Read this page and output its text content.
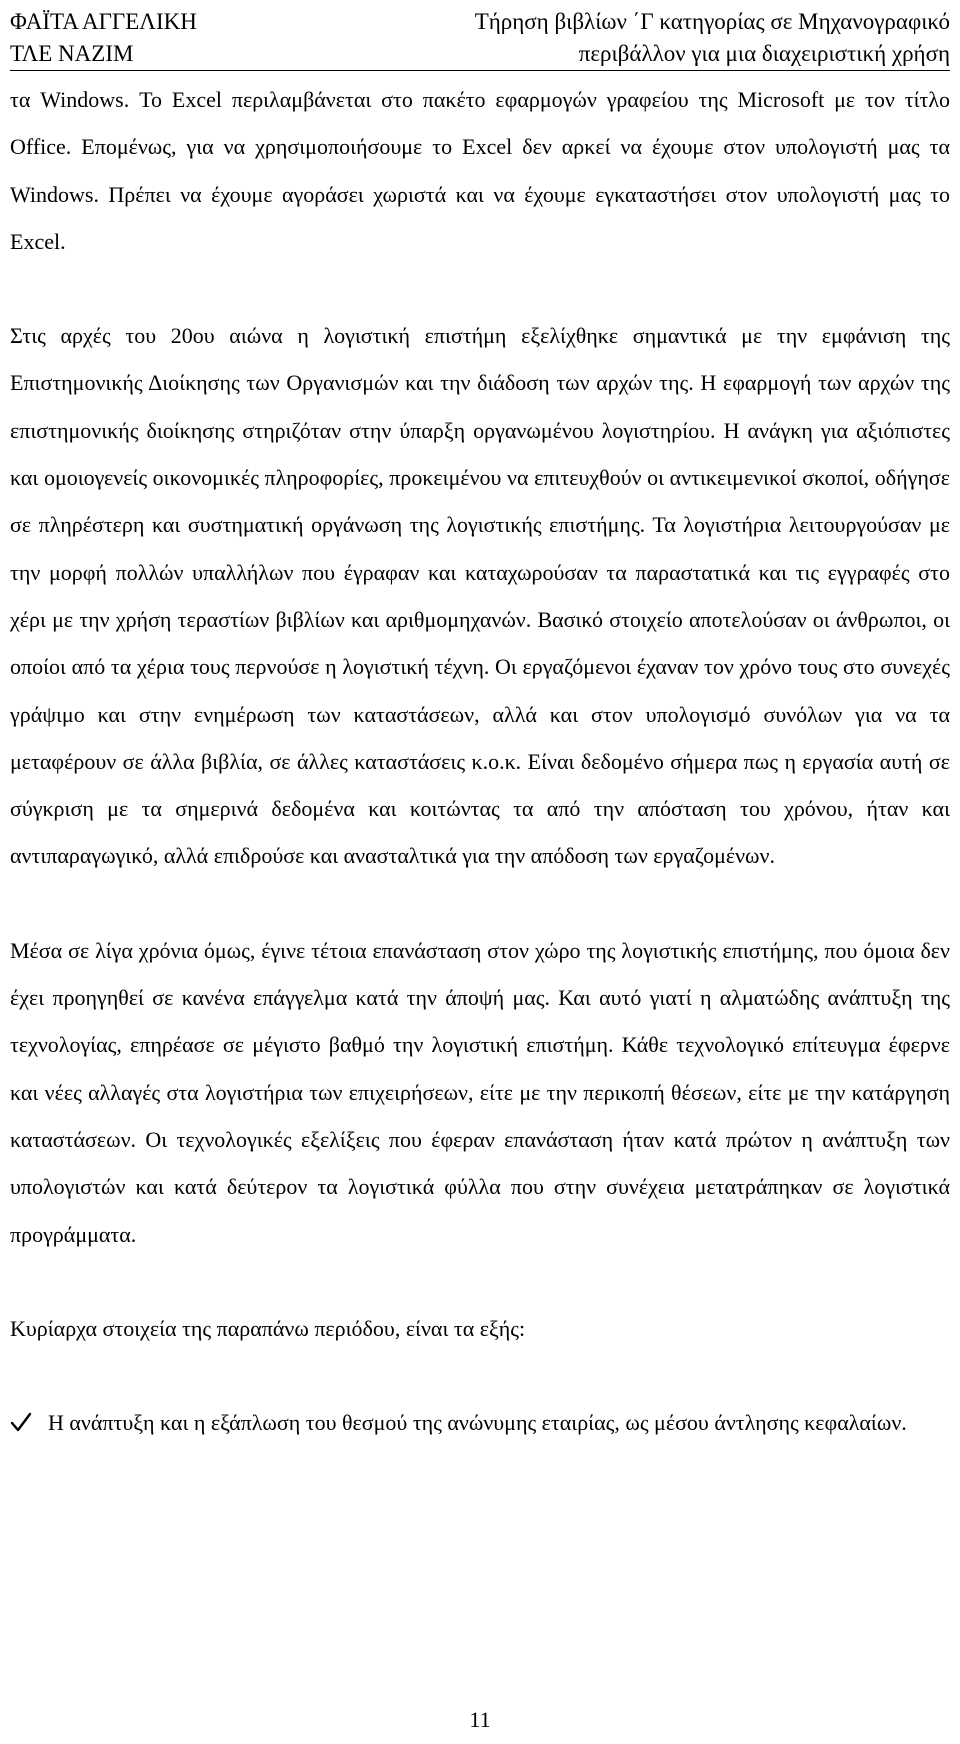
ΦΑΪΤΑ ΑΓΓΕΛΙΚΗ
ΤΛΕ ΝΑΖΙΜ
Τήρηση βιβλίων ΄Γ κατηγορίας σε Μηχανογραφικό
περιβάλλον για μια διαχειριστική χρήση

τα Windows. Το Excel περιλαμβάνεται στο πακέτο εφαρμογών γραφείου της Microsoft με τον τίτλο Office. Επομένως, για να χρησιμοποιήσουμε το Excel δεν αρκεί να έχουμε στον υπολογιστή μας τα Windows. Πρέπει να έχουμε αγοράσει χωριστά και να έχουμε εγκαταστήσει στον υπολογιστή μας το Excel.

Στις αρχές του 20ου αιώνα η λογιστική επιστήμη εξελίχθηκε σημαντικά με την εμφάνιση της Επιστημονικής Διοίκησης των Οργανισμών και την διάδοση των αρχών της. Η εφαρμογή των αρχών της επιστημονικής διοίκησης στηριζόταν στην ύπαρξη οργανωμένου λογιστηρίου. Η ανάγκη για αξιόπιστες και ομοιογενείς οικονομικές πληροφορίες, προκειμένου να επιτευχθούν οι αντικειμενικοί σκοποί, οδήγησε σε πληρέστερη και συστηματική οργάνωση της λογιστικής επιστήμης. Τα λογιστήρια λειτουργούσαν με την μορφή πολλών υπαλλήλων που έγραφαν και καταχωρούσαν τα παραστατικά και τις εγγραφές στο χέρι με την χρήση τεραστίων βιβλίων και αριθμομηχανών. Βασικό στοιχείο αποτελούσαν οι άνθρωποι, οι οποίοι από τα χέρια τους περνούσε η λογιστική τέχνη. Οι εργαζόμενοι έχαναν τον χρόνο τους στο συνεχές γράψιμο και στην ενημέρωση των καταστάσεων, αλλά και στον υπολογισμό συνόλων για να τα μεταφέρουν σε άλλα βιβλία, σε άλλες καταστάσεις κ.ο.κ. Είναι δεδομένο σήμερα πως η εργασία αυτή σε σύγκριση με τα σημερινά δεδομένα και κοιτώντας τα από την απόσταση του χρόνου, ήταν και αντιπαραγωγικό, αλλά επιδρούσε και ανασταλτικά για την απόδοση των εργαζομένων.

Μέσα σε λίγα χρόνια όμως, έγινε τέτοια επανάσταση στον χώρο της λογιστικής επιστήμης, που όμοια δεν έχει προηγηθεί σε κανένα επάγγελμα κατά την άποψή μας. Και αυτό γιατί η αλματώδης ανάπτυξη της τεχνολογίας, επηρέασε σε μέγιστο βαθμό την λογιστική επιστήμη. Κάθε τεχνολογικό επίτευγμα έφερνε και νέες αλλαγές στα λογιστήρια των επιχειρήσεων, είτε με την περικοπή θέσεων, είτε με την κατάργηση καταστάσεων. Οι τεχνολογικές εξελίξεις που έφεραν επανάσταση ήταν κατά πρώτον η ανάπτυξη των υπολογιστών και κατά δεύτερον τα λογιστικά φύλλα που στην συνέχεια μετατράπηκαν σε λογιστικά προγράμματα.

Κυρίαρχα στοιχεία της παραπάνω περιόδου, είναι τα εξής:

Η ανάπτυξη και η εξάπλωση του θεσμού της ανώνυμης εταιρίας, ως μέσου άντλησης κεφαλαίων.
11
